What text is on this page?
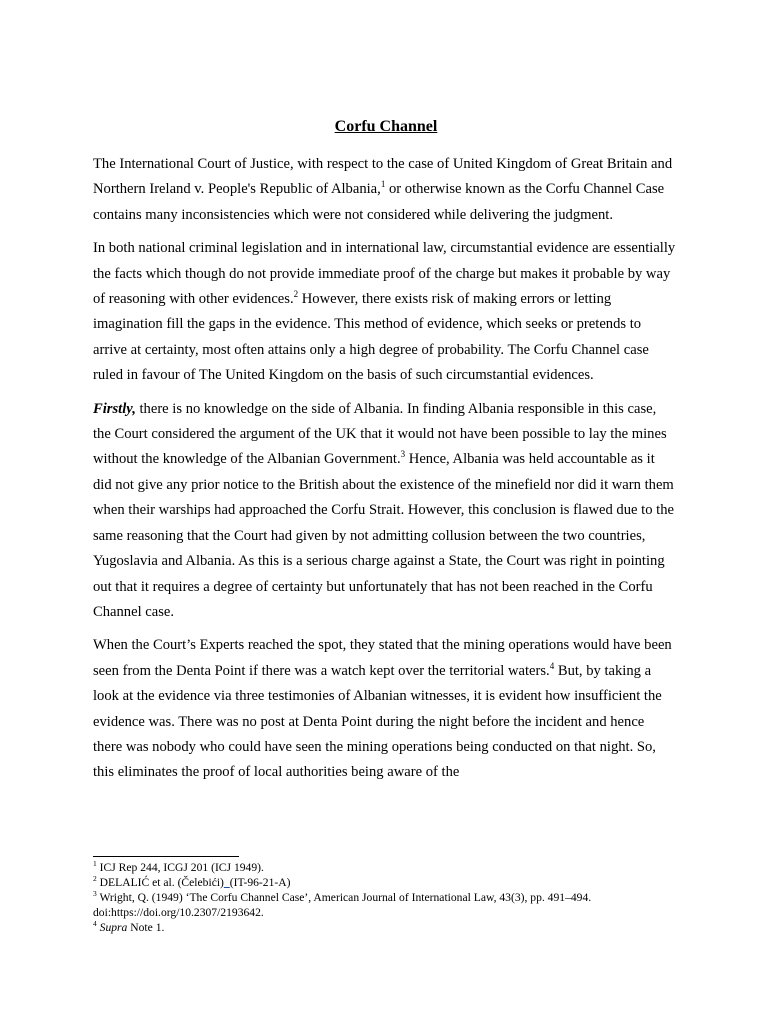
Corfu Channel

The International Court of Justice, with respect to the case of United Kingdom of Great Britain and Northern Ireland v. People's Republic of Albania,$^1$ or otherwise known as the Corfu Channel Case contains many inconsistencies which were not considered while delivering the judgment.

In both national criminal legislation and in international law, circumstantial evidence are essentially the facts which though do not provide immediate proof of the charge but makes it probable by way of reasoning with other evidences.$^2$ However, there exists risk of making errors or letting imagination fill the gaps in the evidence. This method of evidence, which seeks or pretends to arrive at certainty, most often attains only a high degree of probability. The Corfu Channel case ruled in favour of The United Kingdom on the basis of such circumstantial evidences.

Firstly, there is no knowledge on the side of Albania. In finding Albania responsible in this case, the Court considered the argument of the UK that it would not have been possible to lay the mines without the knowledge of the Albanian Government.$^3$ Hence, Albania was held accountable as it did not give any prior notice to the British about the existence of the minefield nor did it warn them when their warships had approached the Corfu Strait. However, this conclusion is flawed due to the same reasoning that the Court had given by not admitting collusion between the two countries, Yugoslavia and Albania. As this is a serious charge against a State, the Court was right in pointing out that it requires a degree of certainty but unfortunately that has not been reached in the Corfu Channel case.

When the Court’s Experts reached the spot, they stated that the mining operations would have been seen from the Denta Point if there was a watch kept over the territorial waters.$^4$ But, by taking a look at the evidence via three testimonies of Albanian witnesses, it is evident how insufficient the evidence was. There was no post at Denta Point during the night before the incident and hence there was nobody who could have seen the mining operations being conducted on that night. So, this eliminates the proof of local authorities being aware of the

$^1$ ICJ Rep 244, ICGJ 201 (ICJ 1949).
$^2$ DELALIĆ et al. (Čelebići)_(IT-96-21-A)
$^3$ Wright, Q. (1949) ‘The Corfu Channel Case’, American Journal of International Law, 43(3), pp. 491–494. doi:https://doi.org/10.2307/2193642.
$^4$ Supra Note 1.
